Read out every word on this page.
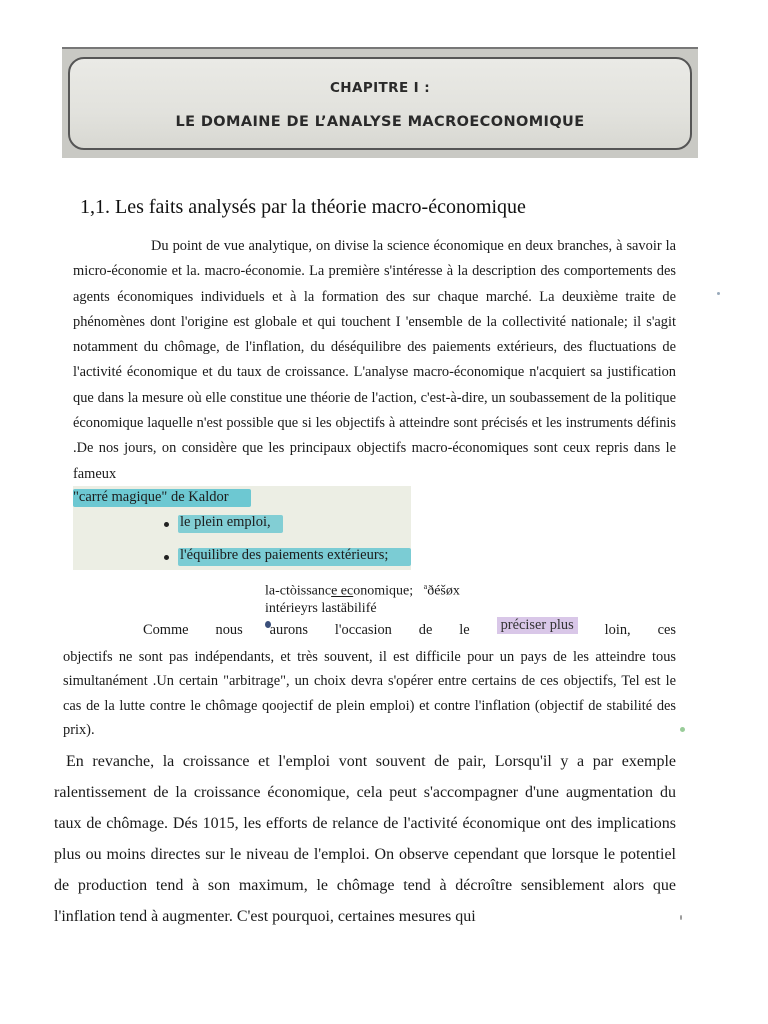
CHAPITRE I :
LE DOMAINE DE L’ANALYSE MACROECONOMIQUE
1,1. Les faits analysés par la théorie macro-économique

Du point de vue analytique, on divise la science économique en deux branches, à savoir la micro-économie et la. macro-économie. La première s'intéresse à la description des comportements des agents économiques individuels et à la formation des sur chaque marché. La deuxième traite de phénomènes dont l'origine est globale et qui touchent I 'ensemble de la collectivité nationale; il s'agit notamment du chômage, de l'inflation, du déséquilibre des paiements extérieurs, des fluctuations de l'activité économique et du taux de croissance. L'analyse macro-économique n'acquiert sa justification que dans la mesure où elle constitue une théorie de l'action, c'est-à-dire, un soubassement de la politique économique laquelle n'est possible que si les objectifs à atteindre sont précisés et les instruments définis .De nos jours, on considère que les principaux objectifs macro-économiques sont ceux repris dans le fameux

"carré magique" de Kaldor
le plein emploi,
l'équilibre des paiements extérieurs;
la-ctòissance economique; $^a$ðéšøx
intérieyrs lastäbilifé
Comme nous aurons l'occasion de le préciser plus loin, ces

objectifs ne sont pas indépendants, et très souvent, il est difficile pour un pays de les atteindre tous simultanément .Un certain "arbitrage", un choix devra s'opérer entre certains de ces objectifs, Tel est le cas de la lutte contre le chômage qoojectif de plein emploi) et contre l'inflation (objectif de stabilité des prix).

En revanche, la croissance et l'emploi vont souvent de pair, Lorsqu'il y a par exemple ralentissement de la croissance économique, cela peut s'accompagner d'une augmentation du taux de chômage. Dés 1015, les efforts de relance de l'activité économique ont des implications plus ou moins directes sur le niveau de l'emploi. On observe cependant que lorsque le potentiel de production tend à son maximum, le chômage tend à décroître sensiblement alors que l'inflation tend à augmenter. C'est pourquoi, certaines mesures qui
